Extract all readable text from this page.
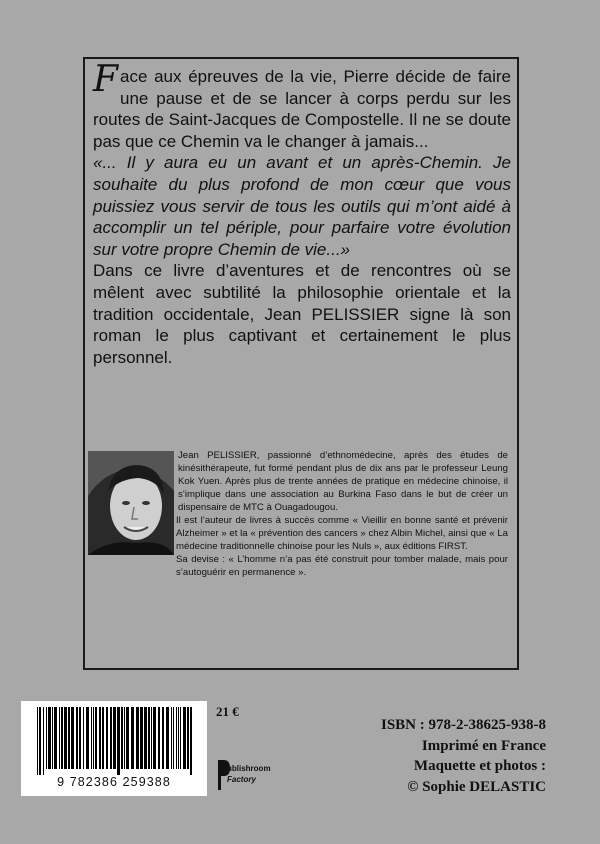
Face aux épreuves de la vie, Pierre décide de faire une pause et de se lancer à corps perdu sur les routes de Saint-Jacques de Compostelle. Il ne se doute pas que ce Chemin va le changer à jamais...

«... Il y aura eu un avant et un après-Chemin. Je souhaite du plus profond de mon cœur que vous puissiez vous servir de tous les outils qui m’ont aidé à accomplir un tel périple, pour parfaire votre évolution sur votre propre Chemin de vie...»

Dans ce livre d’aventures et de rencontres où se mêlent avec subtilité la philosophie orientale et la tradition occidentale, Jean PELISSIER signe là son roman le plus captivant et certainement le plus personnel.

Jean PELISSIER, passionné d’ethnomédecine, après des études de kinésithérapeute, fut formé pendant plus de dix ans par le professeur Leung Kok Yuen. Après plus de trente années de pratique en médecine chinoise, il s’implique dans une association au Burkina Faso dans le but de créer un dispensaire de MTC à Ouagadougou.

Il est l’auteur de livres à succès comme « Vieillir en bonne santé et prévenir Alzheimer » et la « prévention des cancers » chez Albin Michel, ainsi que « La médecine traditionnelle chinoise pour les Nuls », aux éditions FIRST.

Sa devise : « L’homme n’a pas été construit pour tomber malade, mais pour s’autoguérir en permanence ».

9 782386 259388
21 €
ublishroom
Factory
ISBN : 978-2-38625-938-8
Imprimé en France
Maquette et photos :
© Sophie DELASTIC
